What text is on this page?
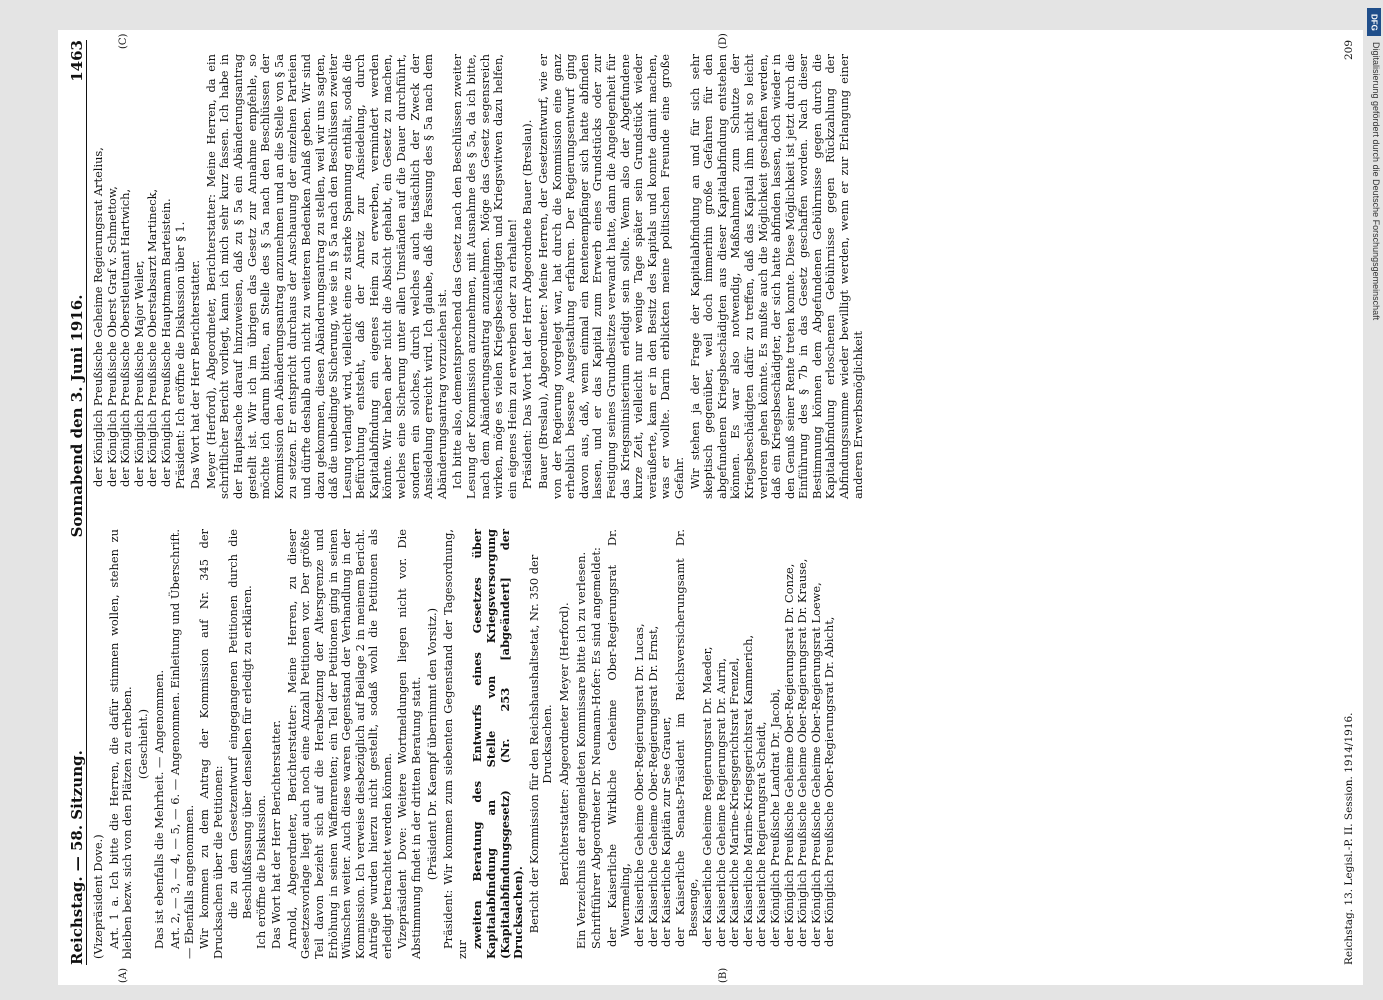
Reichstag. — 58. Sitzung.
Sonnabend den 3. Juni 1916.
1463
(A)	(B)
(C)	(D)

(Vizepräsident Dove.) Art. 1 a. Ich bitte die Herren, die dafür stimmen wollen, stehen zu bleiben bezw. sich von den Plätzen zu erheben. (Geschieht.) Das ist ebenfalls die Mehrheit. — Angenommen. Art. 2, — 3, — 4, — 5, — 6. — Angenommen. Einleitung und Überschrift. — Ebenfalls angenommen. Wir kommen zu dem Antrag der Kommission auf Nr. 345 der Drucksachen über die Petitionen: die zu dem Gesetzentwurf eingegangenen Petitionen durch die Beschlußfassung über denselben für erledigt zu erklären. Ich eröffne die Diskussion. Das Wort hat der Herr Berichterstatter. Arnold, Abgeordneter, Berichterstatter: Meine Herren, zu dieser Gesetzesvorlage liegt auch noch eine Anzahl Petitionen vor. Der größte Teil davon bezieht sich auf die Herabsetzung der Altersgrenze und Erhöhung in seinen Waffenrenten; ein Teil der Petitionen ging in seinen Wünschen weiter. Auch diese waren Gegenstand der Verhandlung in der Kommission. Ich verweise diesbezüglich auf Beilage 2 in meinem Bericht. Anträge wurden hierzu nicht gestellt, sodaß wohl die Petitionen als erledigt betrachtet werden können. Vizepräsident Dove: Weitere Wortmeldungen liegen nicht vor. Die Abstimmung findet in der dritten Beratung statt. (Präsident Dr. Kaempf übernimmt den Vorsitz.) Präsident: Wir kommen zum siebenten Gegenstand der Tagesordnung, zur

zweiten Beratung des Entwurfs eines Gesetzes über Kapitalabfindung an Stelle von Kriegsversorgung (Kapitalabfindungsgesetz) (Nr. 253 [abgeändert] der Drucksachen). Bericht der Kommission für den Reichshaushaltsetat, Nr. 350 der Drucksachen. Berichterstatter: Abgeordneter Meyer (Herford). Ein Verzeichnis der angemeldeten Kommissare bitte ich zu verlesen. Schriftführer Abgeordneter Dr. Neumann-Hofer: Es sind angemeldet: der Kaiserliche Wirkliche Geheime Ober-Regierungsrat Dr. Wuermeling, der Kaiserliche Geheime Ober-Regierungsrat Dr. Lucas, der Kaiserliche Geheime Ober-Regierungsrat Dr. Ernst, der Kaiserliche Kapitän zur See Grauer, der Kaiserliche Senats-Präsident im Reichsversicherungsamt Dr. Bessenge, der Kaiserliche Geheime Regierungsrat Dr. Maeder, der Kaiserliche Geheime Regierungsrat Dr. Aurin, der Kaiserliche Marine-Kriegsgerichtsrat Frenzel, der Kaiserliche Marine-Kriegsgerichtsrat Kammerich, der Kaiserliche Regierungsrat Scheidt, der Königlich Preußische Landrat Dr. Jacobi, der Königlich Preußische Geheime Ober-Regierungsrat Dr. Conze, der Königlich Preußische Geheime Ober-Regierungsrat Dr. Krause, der Königlich Preußische Geheime Ober-Regierungsrat Loewe, der Königlich Preußische Ober-Regierungsrat Dr. Abicht,

der Königlich Preußische Geheime Regierungsrat Artelius, der Königlich Preußische Oberst Graf v. Schmettow, der Königlich Preußische Oberstleutnant Hartwich, der Königlich Preußische Major Weiler, der Königlich Preußische Oberstabsarzt Martineck, der Königlich Preußische Hauptmann Barteistein. Präsident: Ich eröffne die Diskussion über § 1. Das Wort hat der Herr Berichterstatter. Meyer (Herford), Abgeordneter, Berichterstatter: Meine Herren, da ein schriftlicher Bericht vorliegt, kann ich mich sehr kurz fassen. Ich habe in der Hauptsache darauf hinzuweisen, daß zu § 5a ein Abänderungsantrag gestellt ist. Wir ich im übrigen das Gesetz zur Annahme empfehle, so möchte ich darum bitten, an Stelle des § 5a nach den Beschlüssen der Kommission den Abänderungsantrag anzunehmen und an die Stelle von § 5a zu setzen. Er entspricht durchaus der Anschauung der einzelnen Parteien und dürfte deshalb auch nicht zu weiteren Bedenken Anlaß geben. Wir sind dazu gekommen, diesen Abänderungsantrag zu stellen, weil wir uns sagten, daß die unbedingte Sicherung, wie sie in § 5a nach den Beschlüssen zweiter Lesung verlangt wird, vielleicht eine zu starke Spannung enthält, sodaß die Befürchtung entsteht, daß der Anreiz zur Ansiedelung, durch Kapitalabfindung ein eigenes Heim zu erwerben, vermindert werden könnte. Wir haben aber nicht die Absicht gehabt, ein Gesetz zu machen, welches eine Sicherung unter allen Umständen auf die Dauer durchführt, sondern ein solches, durch welches auch tatsächlich der Zweck der Ansiedelung erreicht wird. Ich glaube, daß die Fassung des § 5a nach dem Abänderungsantrag vorzuziehen ist. Ich bitte also, dementsprechend das Gesetz nach den Beschlüssen zweiter Lesung der Kommission anzunehmen, mit Ausnahme des § 5a, da ich bitte, nach dem Abänderungsantrag anzunehmen. Möge das Gesetz segensreich wirken, möge es vielen Kriegsbeschädigten und Kriegswitwen dazu helfen, ein eigenes Heim zu erwerben oder zu erhalten! Präsident: Das Wort hat der Herr Abgeordnete Bauer (Breslau). Bauer (Breslau), Abgeordneter: Meine Herren, der Gesetzentwurf, wie er von der Regierung vorgelegt war, hat durch die Kommission eine ganz erheblich bessere Ausgestaltung erfahren. Der Regierungsentwurf ging davon aus, daß, wenn einmal ein Rentenempfänger sich hatte abfinden lassen, und er das Kapital zum Erwerb eines Grundstücks oder zur Festigung seines Grundbesitzes verwandt hatte, dann die Angelegenheit für das Kriegsministerium erledigt sein sollte. Wenn also der Abgefundene kurze Zeit, vielleicht nur wenige Tage später sein Grundstück wieder veräußerte, kam er in den Besitz des Kapitals und konnte damit machen, was er wollte. Darin erblickten meine politischen Freunde eine große Gefahr. Wir stehen ja der Frage der Kapitalabfindung an und für sich sehr skeptisch gegenüber, weil doch immerhin große Gefahren für den abgefundenen Kriegsbeschädigten aus dieser Kapitalabfindung entstehen können. Es war also notwendig, Maßnahmen zum Schutze der Kriegsbeschädigten dafür zu treffen, daß das Kapital ihm nicht so leicht verloren gehen könnte. Es mußte auch die Möglichkeit geschaffen werden, daß ein Kriegsbeschädigter, der sich hatte abfinden lassen, doch wieder in den Genuß seiner Rente treten konnte. Diese Möglichkeit ist jetzt durch die Einführung des § 7b in das Gesetz geschaffen worden. Nach dieser Bestimmung können dem Abgefundenen Gebührnisse gegen durch die Kapitalabfindung erloschenen Gebührnisse gegen Rückzahlung der Abfindungssumme wieder bewilligt werden, wenn er zur Erlangung einer anderen Erwerbsmöglichkeit

Reichstag. 13. Legisl.-P. II. Session. 1914/1916.
209
DFG
Digitalisierung gefördert durch die Deutsche Forschungsgemeinschaft
